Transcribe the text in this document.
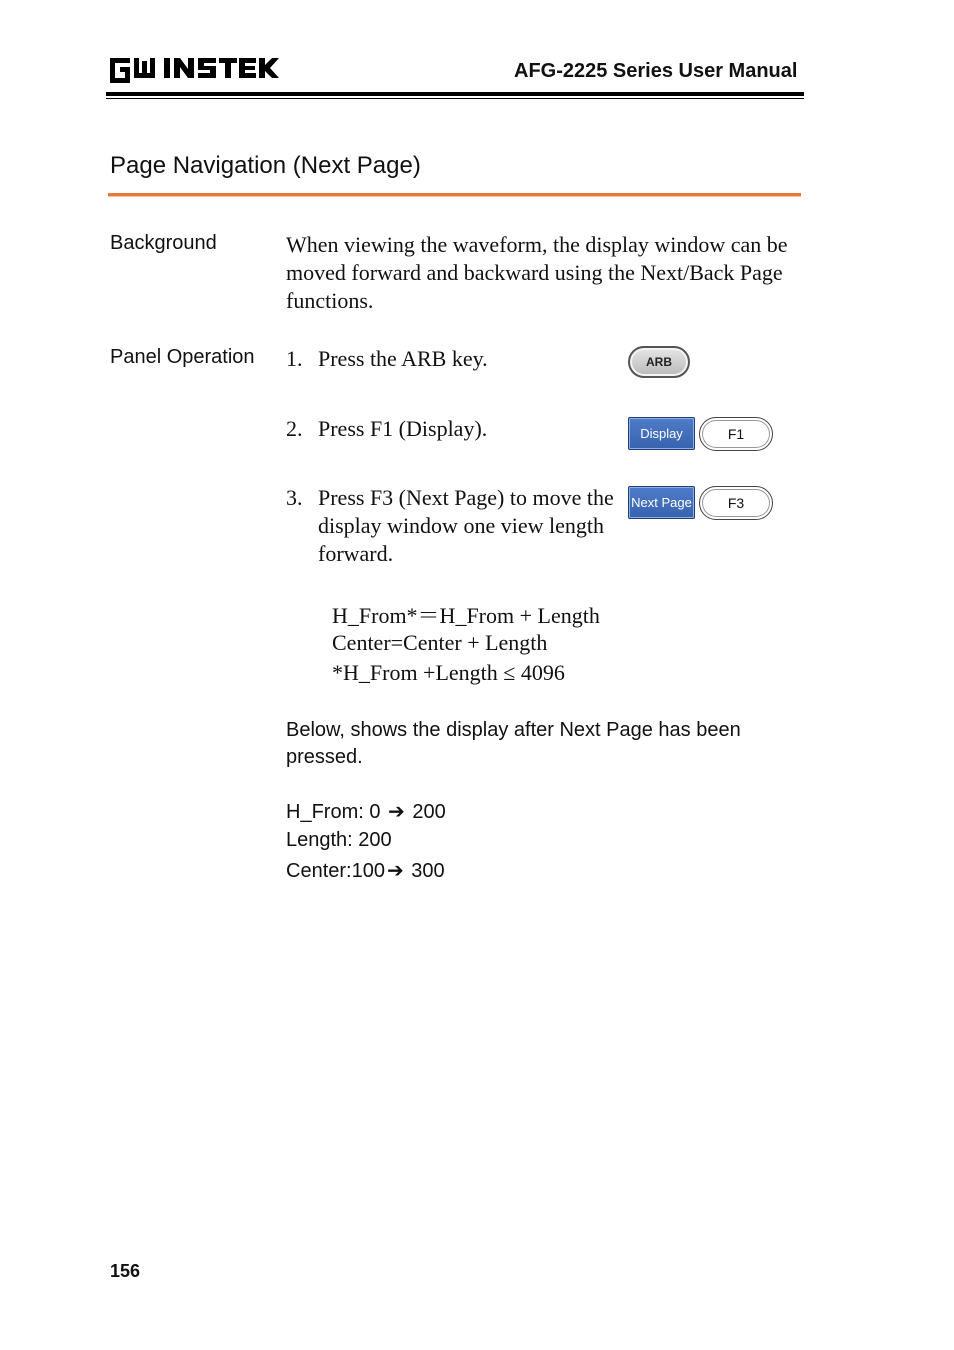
AFG-2225 Series User Manual
Page Navigation (Next Page)
Background	When viewing the waveform, the display window can be moved forward and backward using the Next/Back Page functions.
Panel Operation 1. Press the ARB key.	ARB
2. Press F1 (Display).	Display	F1
3. Press F3 (Next Page) to move the display window one view length forward.
Next Page	F3
H_From*＝H_From + Length
Center=Center + Length
*H_From +Length ≤ 4096
Below, shows the display after Next Page has been pressed.
H_From: 0 ➔ 200
Length: 200
Center:100 ➔ 300
156
